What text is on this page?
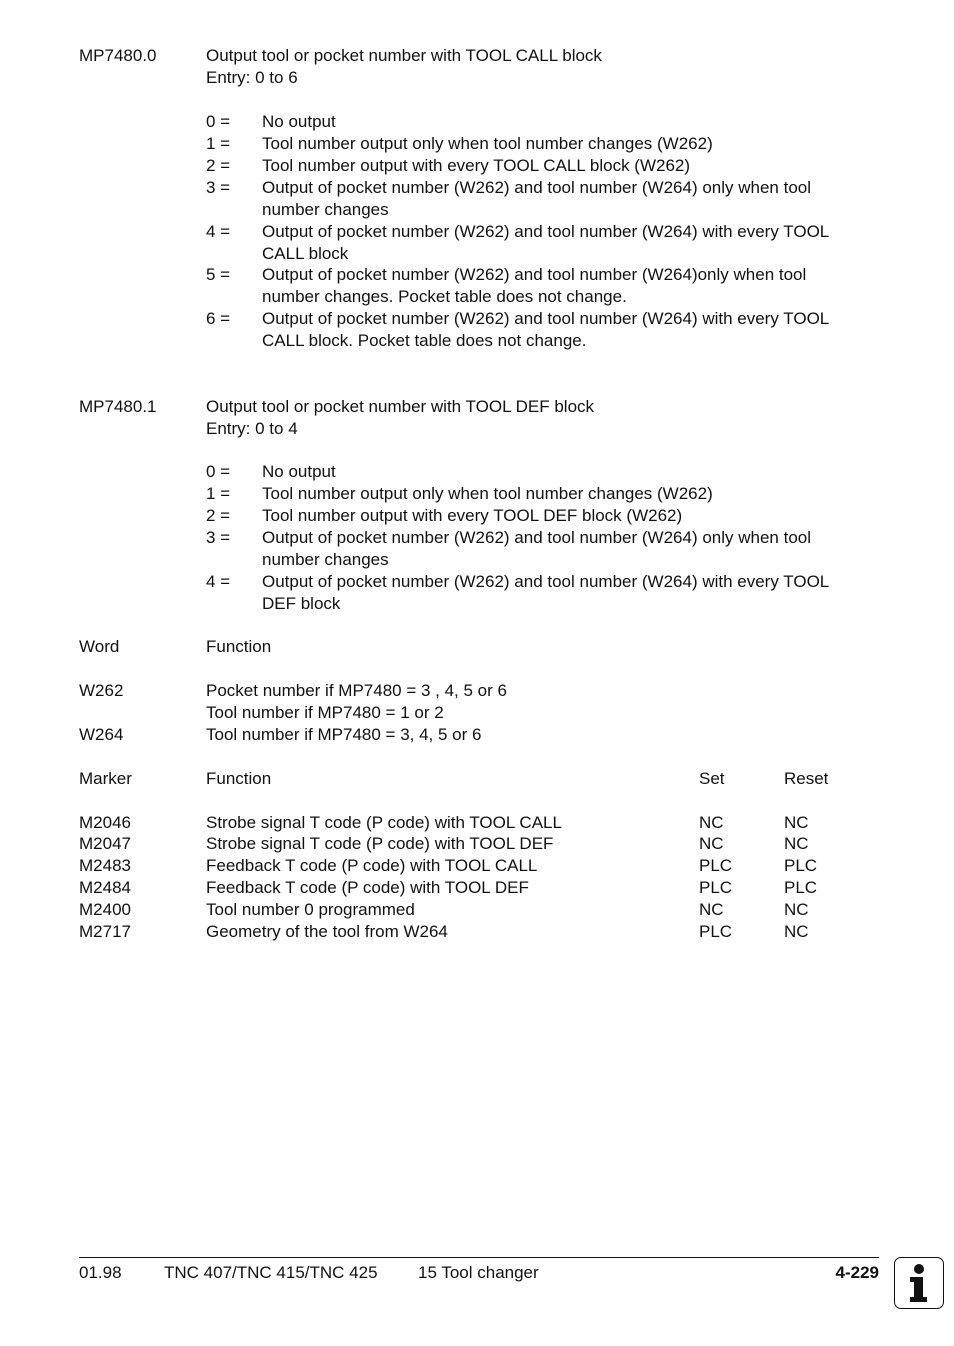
MP7480.0	Output tool or pocket number with TOOL CALL block
Entry: 0 to 6
0 = No output
1 = Tool number output only when tool number changes (W262)
2 = Tool number output with every TOOL CALL block (W262)
3 = Output of pocket number (W262) and tool number (W264) only when tool
number changes
4 = Output of pocket number (W262) and tool number (W264) with every TOOL
CALL block
5 = Output of pocket number (W262) and tool number (W264)only when tool
number changes. Pocket table does not change.
6 = Output of pocket number (W262) and tool number (W264) with every TOOL
CALL block. Pocket table does not change.
MP7480.1	Output tool or pocket number with TOOL DEF block
Entry: 0 to 4
0 = No output
1 = Tool number output only when tool number changes (W262)
2 = Tool number output with every TOOL DEF block (W262)
3 = Output of pocket number (W262) and tool number (W264) only when tool
number changes
4 = Output of pocket number (W262) and tool number (W264) with every TOOL
DEF block
Word	Function
W262	Pocket number if MP7480 = 3 , 4, 5 or 6
Tool number if MP7480 = 1 or 2
W264	Tool number if MP7480 = 3, 4, 5 or 6
Marker	Function	Set	Reset
M2046	Strobe signal T code (P code) with TOOL CALL	NC	NC
M2047	Strobe signal T code (P code) with TOOL DEF	NC	NC
M2483	Feedback T code (P code) with TOOL CALL	PLC	PLC
M2484	Feedback T code (P code) with TOOL DEF	PLC	PLC
M2400	Tool number 0 programmed	NC	NC
M2717	Geometry of the tool from W264	PLC	NC
01.98 TNC 407/TNC 415/TNC 425 15 Tool changer	4-229
